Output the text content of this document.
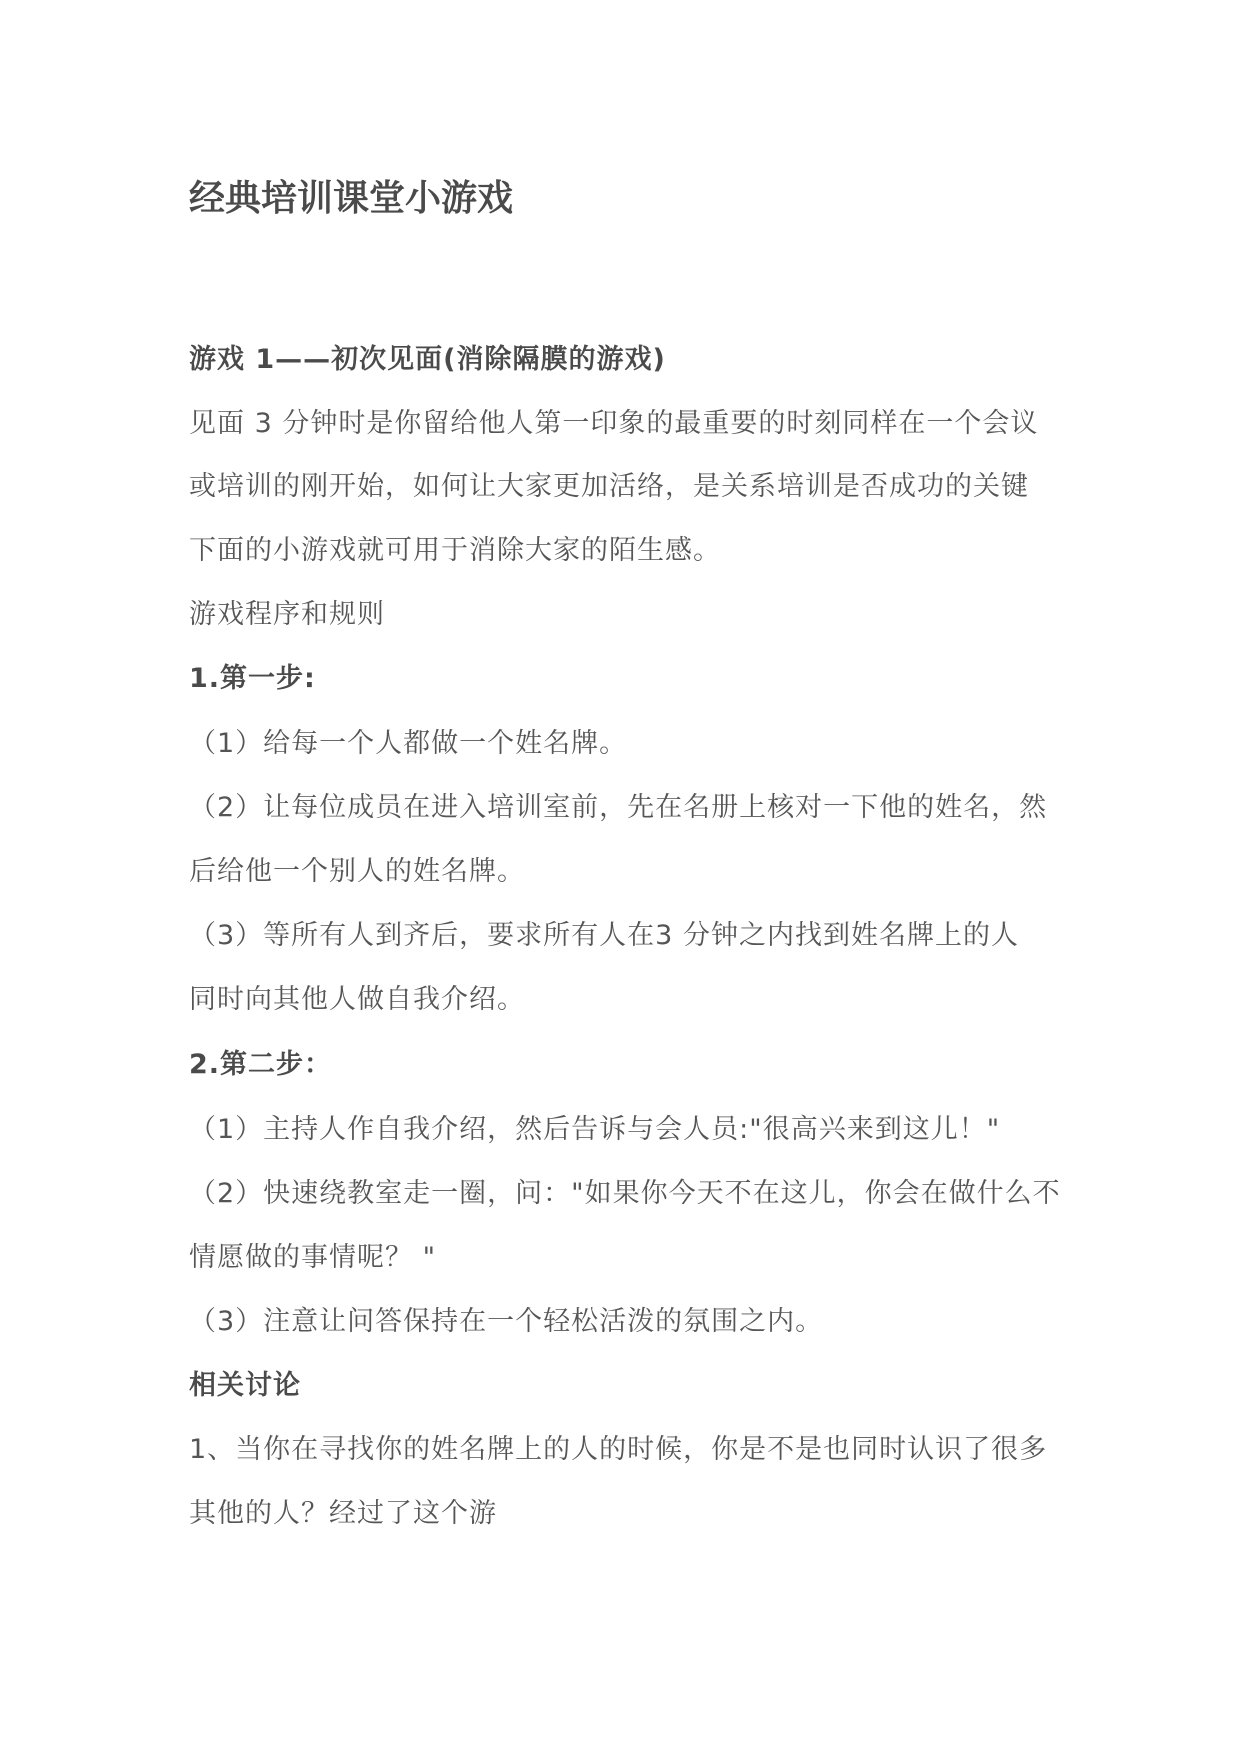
经典培训课堂小游戏
游戏 1——初次见面(消除隔膜的游戏)
见面 3 分钟时是你留给他人第一印象的最重要的时刻同样在一个会议
或培训的刚开始，如何让大家更加活络，是关系培训是否成功的关键
下面的小游戏就可用于消除大家的陌生感。
游戏程序和规则
1.第一步:
（1）给每一个人都做一个姓名牌。
（2）让每位成员在进入培训室前，先在名册上核对一下他的姓名，然
后给他一个别人的姓名牌。
（3）等所有人到齐后，要求所有人在3 分钟之内找到姓名牌上的人
同时向其他人做自我介绍。
2.第二步：
（1）主持人作自我介绍，然后告诉与会人员:"很高兴来到这儿！"
（2）快速绕教室走一圈，问："如果你今天不在这儿，你会在做什么不
情愿做的事情呢？ "
（3）注意让问答保持在一个轻松活泼的氛围之内。
相关讨论
1、当你在寻找你的姓名牌上的人的时候，你是不是也同时认识了很多
其他的人？经过了这个游
